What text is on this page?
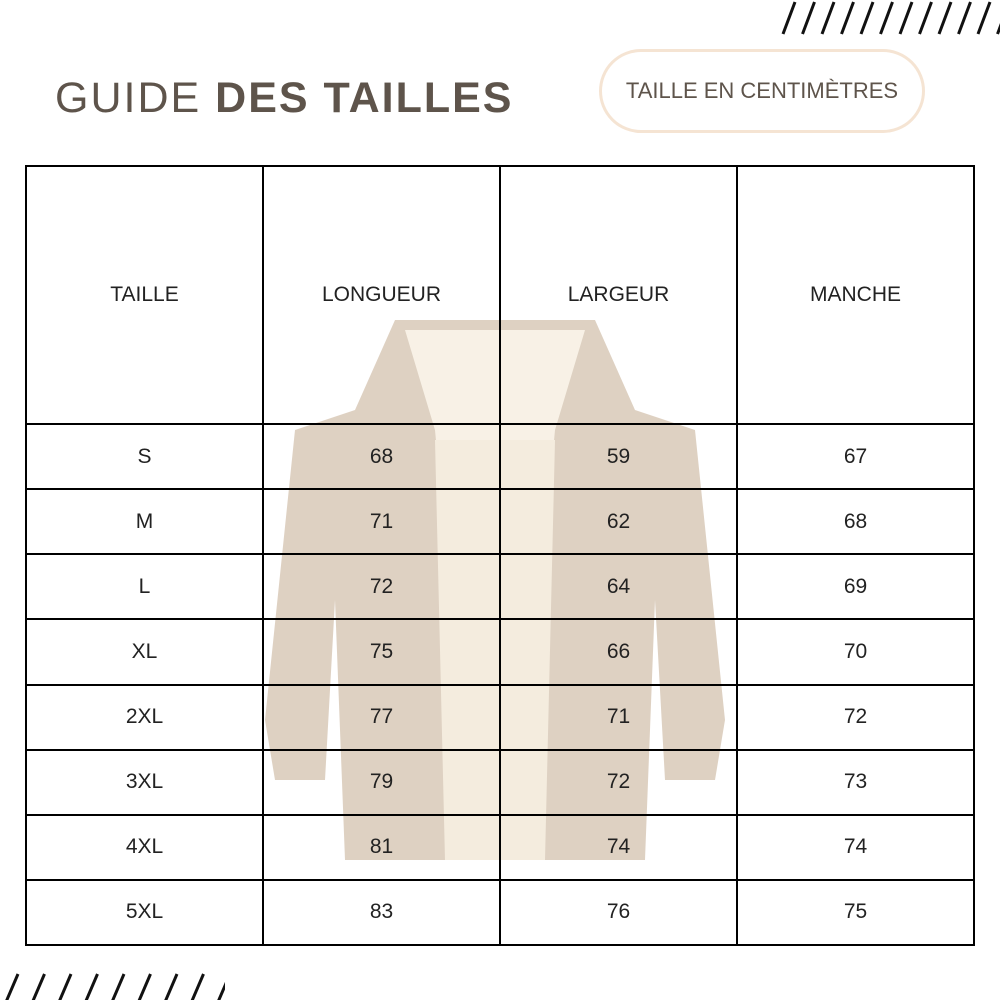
GUIDE DES TAILLES	TAILLE EN CENTIMÈTRES
TAILLE	LONGUEUR	LARGEUR	MANCHE
S	68	59	67
M	71	62	68
L	72	64	69
XL	75	66	70
2XL	77	71	72
3XL	79	72	73
4XL	81	74	74
5XL	83	76	75
